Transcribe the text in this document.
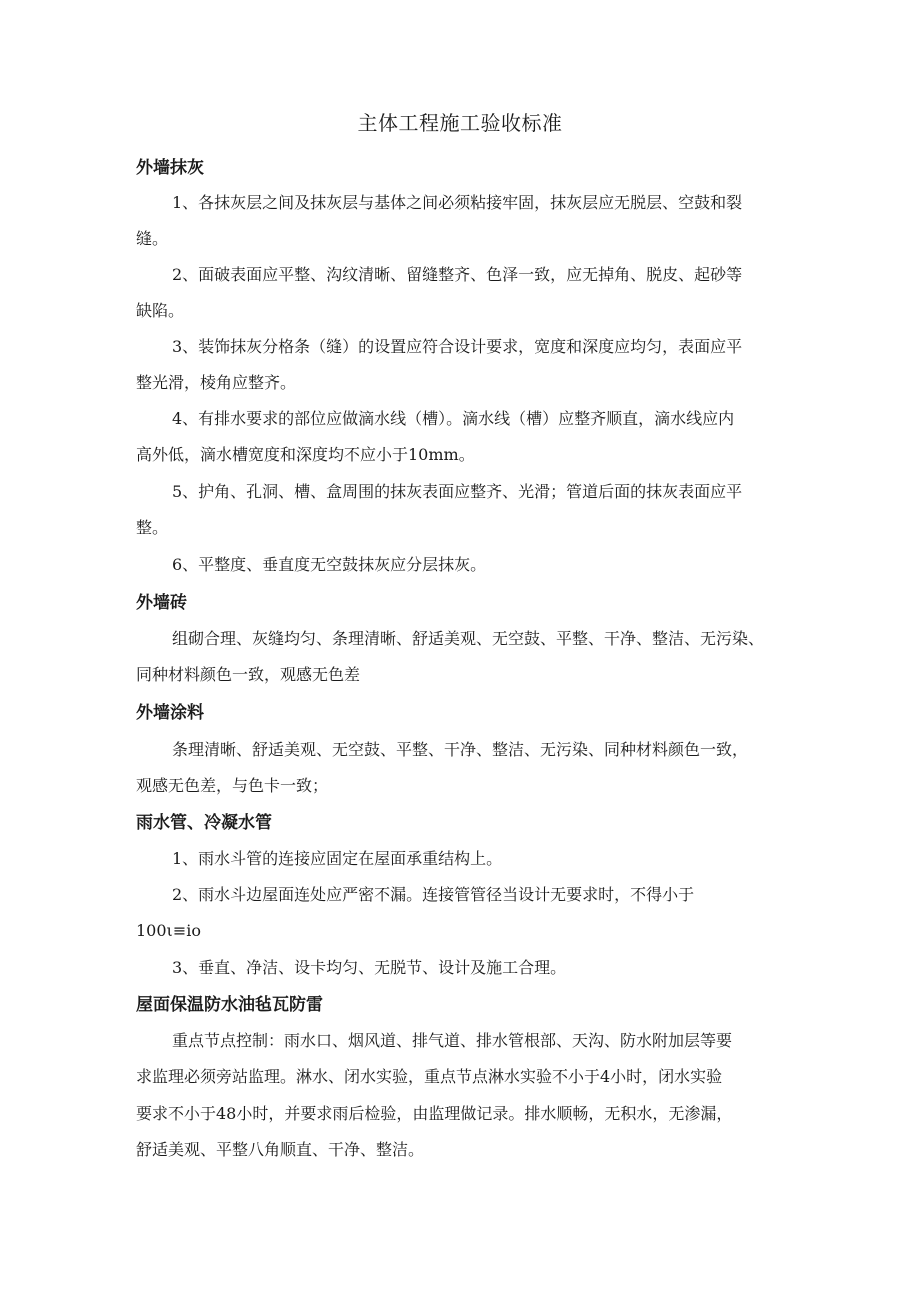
主体工程施工验收标准
外墙抹灰
1、各抹灰层之间及抹灰层与基体之间必须粘接牢固，抹灰层应无脱层、空鼓和裂
缝。
2、面破表面应平整、沟纹清晰、留缝整齐、色泽一致，应无掉角、脱皮、起砂等
缺陷。
3、装饰抹灰分格条（缝）的设置应符合设计要求，宽度和深度应均匀，表面应平
整光滑，棱角应整齐。
4、有排水要求的部位应做滴水线（槽）。滴水线（槽）应整齐顺直，滴水线应内
高外低，滴水槽宽度和深度均不应小于10mm。
5、护角、孔洞、槽、盒周围的抹灰表面应整齐、光滑；管道后面的抹灰表面应平
整。
6、平整度、垂直度无空鼓抹灰应分层抹灰。
外墙砖
组砌合理、灰缝均匀、条理清晰、舒适美观、无空鼓、平整、干净、整洁、无污染、
同种材料颜色一致，观感无色差
外墙涂料
条理清晰、舒适美观、无空鼓、平整、干净、整洁、无污染、同种材料颜色一致，
观感无色差，与色卡一致；
雨水管、冷凝水管
1、雨水斗管的连接应固定在屋面承重结构上。
2、雨水斗边屋面连处应严密不漏。连接管管径当设计无要求时，不得小于
100ι≡io
3、垂直、净洁、设卡均匀、无脱节、设计及施工合理。
屋面保温防水油毡瓦防雷
重点节点控制：雨水口、烟风道、排气道、排水管根部、天沟、防水附加层等要
求监理必须旁站监理。淋水、闭水实验，重点节点淋水实验不小于4小时，闭水实验
要求不小于48小时，并要求雨后检验，由监理做记录。排水顺畅，无积水，无渗漏，
舒适美观、平整八角顺直、干净、整洁。
